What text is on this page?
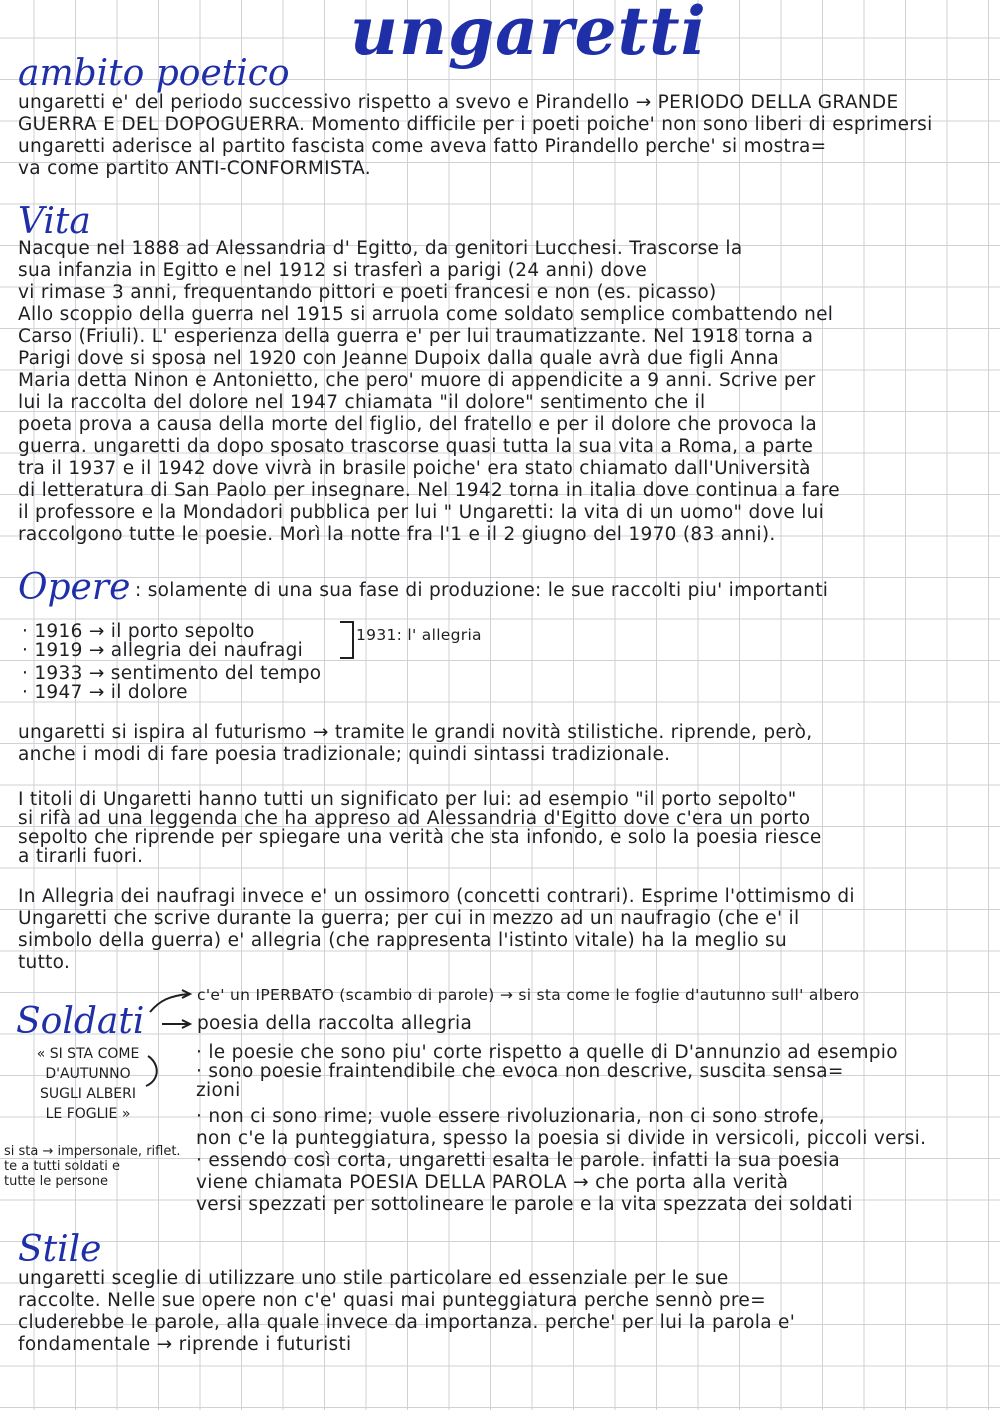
ungaretti
ambito poetico
ungaretti e' del periodo successivo rispetto a svevo e Pirandello → PERIODO DELLA GRANDE
GUERRA E DEL DOPOGUERRA. Momento difficile per i poeti poiche' non sono liberi di esprimersi
ungaretti aderisce al partito fascista come aveva fatto Pirandello perche' si mostra=
va come partito ANTI-CONFORMISTA.
Vita
Nacque nel 1888 ad Alessandria d' Egitto, da genitori Lucchesi. Trascorse la
sua infanzia in Egitto e nel 1912 si trasferì a parigi (24 anni) dove
vi rimase 3 anni, frequentando pittori e poeti francesi e non (es. picasso)
Allo scoppio della guerra nel 1915 si arruola come soldato semplice combattendo nel
Carso (Friuli). L' esperienza della guerra e' per lui traumatizzante. Nel 1918 torna a
Parigi dove si sposa nel 1920 con Jeanne Dupoix dalla quale avrà due figli Anna
Maria detta Ninon e Antonietto, che pero' muore di appendicite a 9 anni. Scrive per
lui la raccolta del dolore nel 1947 chiamata "il dolore" sentimento che il
poeta prova a causa della morte del figlio, del fratello e per il dolore che provoca la
guerra. ungaretti da dopo sposato trascorse quasi tutta la sua vita a Roma, a parte
tra il 1937 e il 1942 dove vivrà in brasile poiche' era stato chiamato dall'Università
di letteratura di San Paolo per insegnare. Nel 1942 torna in italia dove continua a fare
il professore e la Mondadori pubblica per lui " Ungaretti: la vita di un uomo" dove lui
raccolgono tutte le poesie. Morì la notte fra l'1 e il 2 giugno del 1970 (83 anni).
Opere : solamente di una sua fase di produzione: le sue raccolti piu' importanti
· 1916 → il porto sepolto
· 1919 → allegria dei naufragi
· 1933 → sentimento del tempo
· 1947 → il dolore
1931: l' allegria
ungaretti si ispira al futurismo → tramite le grandi novità stilistiche. riprende, però,
anche i modi di fare poesia tradizionale; quindi sintassi tradizionale.
I titoli di Ungaretti hanno tutti un significato per lui: ad esempio "il porto sepolto"
si rifà ad una leggenda che ha appreso ad Alessandria d'Egitto dove c'era un porto
sepolto che riprende per spiegare una verità che sta infondo, e solo la poesia riesce
a tirarli fuori.
In Allegria dei naufragi invece e' un ossimoro (concetti contrari). Esprime l'ottimismo di
Ungaretti che scrive durante la guerra; per cui in mezzo ad un naufragio (che e' il
simbolo della guerra) e' allegria (che rappresenta l'istinto vitale) ha la meglio su
tutto.
Soldati
c'e' un IPERBATO (scambio di parole) → si sta come le foglie d'autunno sull' albero
poesia della raccolta allegria
« SI STA COME
D'AUTUNNO
SUGLI ALBERI
LE FOGLIE »
si sta → impersonale, riflet.
te a tutti soldati e
tutte le persone
· le poesie che sono piu' corte rispetto a quelle di D'annunzio ad esempio
· sono poesie fraintendibile che evoca non descrive, suscita sensa=
zioni
· non ci sono rime; vuole essere rivoluzionaria, non ci sono strofe,
non c'e la punteggiatura, spesso la poesia si divide in versicoli, piccoli versi.
· essendo così corta, ungaretti esalta le parole. infatti la sua poesia
viene chiamata POESIA DELLA PAROLA → che porta alla verità
versi spezzati per sottolineare le parole e la vita spezzata dei soldati
Stile
ungaretti sceglie di utilizzare uno stile particolare ed essenziale per le sue
raccolte. Nelle sue opere non c'e' quasi mai punteggiatura perche sennò pre=
cluderebbe le parole, alla quale invece da importanza. perche' per lui la parola e'
fondamentale → riprende i futuristi
